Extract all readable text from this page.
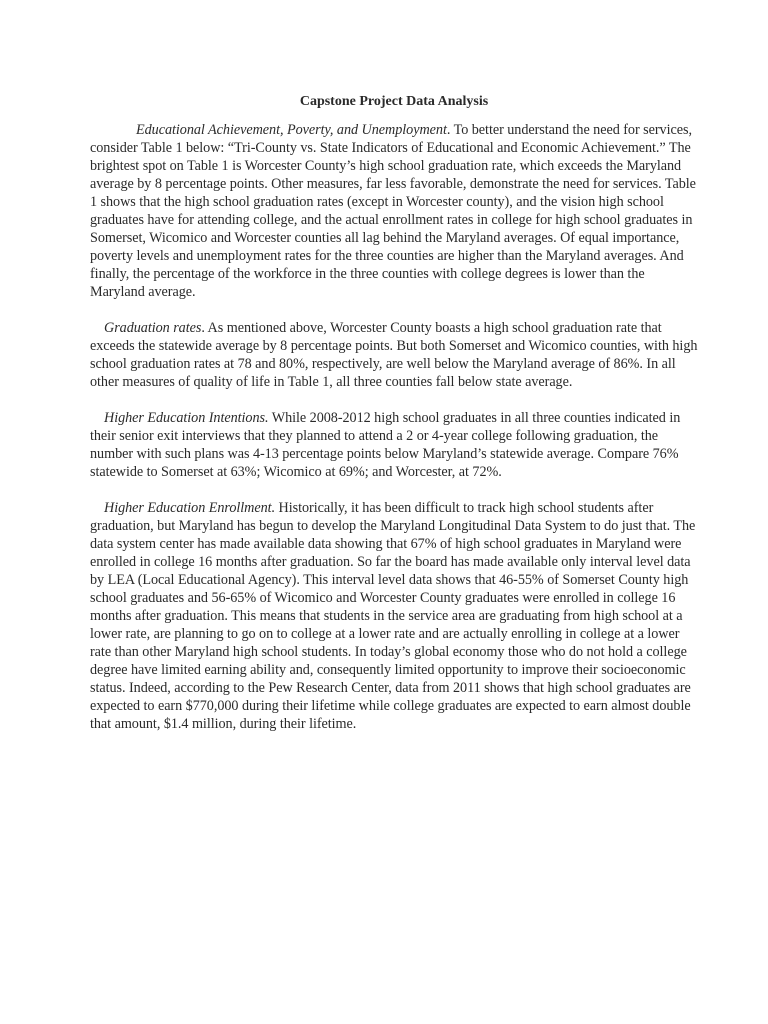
Capstone Project Data Analysis

Educational Achievement, Poverty, and Unemployment. To better understand the need for services, consider Table 1 below: “Tri-County vs. State Indicators of Educational and Economic Achievement.” The brightest spot on Table 1 is Worcester County’s high school graduation rate, which exceeds the Maryland average by 8 percentage points. Other measures, far less favorable, demonstrate the need for services. Table 1 shows that the high school graduation rates (except in Worcester county), and the vision high school graduates have for attending college, and the actual enrollment rates in college for high school graduates in Somerset, Wicomico and Worcester counties all lag behind the Maryland averages. Of equal importance, poverty levels and unemployment rates for the three counties are higher than the Maryland averages. And finally, the percentage of the workforce in the three counties with college degrees is lower than the Maryland average.

Graduation rates. As mentioned above, Worcester County boasts a high school graduation rate that exceeds the statewide average by 8 percentage points. But both Somerset and Wicomico counties, with high school graduation rates at 78 and 80%, respectively, are well below the Maryland average of 86%. In all other measures of quality of life in Table 1, all three counties fall below state average.

Higher Education Intentions. While 2008-2012 high school graduates in all three counties indicated in their senior exit interviews that they planned to attend a 2 or 4-year college following graduation, the number with such plans was 4-13 percentage points below Maryland’s statewide average. Compare 76% statewide to Somerset at 63%; Wicomico at 69%; and Worcester, at 72%.

Higher Education Enrollment. Historically, it has been difficult to track high school students after graduation, but Maryland has begun to develop the Maryland Longitudinal Data System to do just that. The data system center has made available data showing that 67% of high school graduates in Maryland were enrolled in college 16 months after graduation. So far the board has made available only interval level data by LEA (Local Educational Agency). This interval level data shows that 46-55% of Somerset County high school graduates and 56-65% of Wicomico and Worcester County graduates were enrolled in college 16 months after graduation. This means that students in the service area are graduating from high school at a lower rate, are planning to go on to college at a lower rate and are actually enrolling in college at a lower rate than other Maryland high school students. In today’s global economy those who do not hold a college degree have limited earning ability and, consequently limited opportunity to improve their socioeconomic status. Indeed, according to the Pew Research Center, data from 2011 shows that high school graduates are expected to earn $770,000 during their lifetime while college graduates are expected to earn almost double that amount, $1.4 million, during their lifetime.
